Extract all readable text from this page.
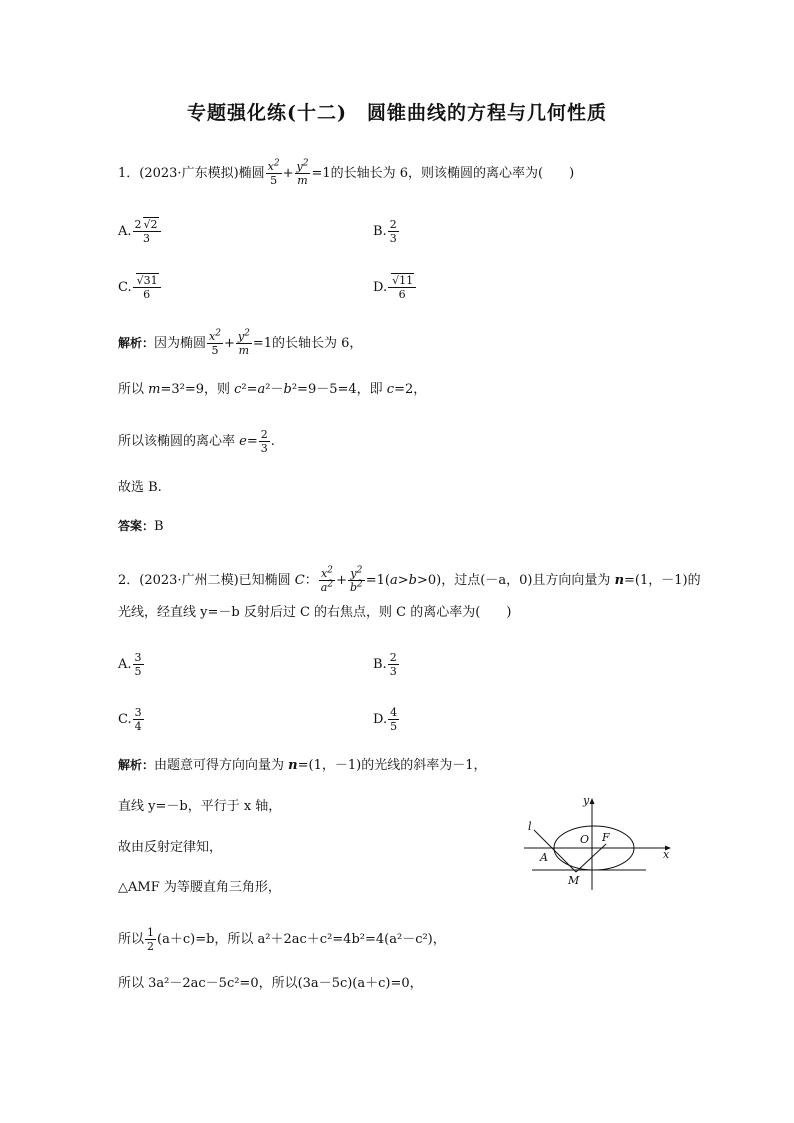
专题强化练(十二)　圆锥曲线的方程与几何性质
1．(2023·广东模拟)椭圆 $\frac{x^2}{5} + \frac{y^2}{m} =1$的长轴长为 6，则该椭圆的离心率为(　　)
A. $\frac{2 √2}{3}$	B. $\frac{2}{3}$
C. $\frac{√31}{6}$	D. $\frac{√11}{6}$
解析：因为椭圆 $\frac{x^2}{5} + \frac{y^2}{m} =1$的长轴长为 6，
所以 m=3²=9，则 c²=a²－b²=9－5=4，即 c=2，
所以该椭圆的离心率 $e= \frac{2}{3}$ .
故选 B.
答案：B
2．(2023·广州二模)已知椭圆 C： $\frac{x^2}{a^2} + \frac{y^2}{b^2} =1(a>b>0)$，过点(－a，0)且方向向量为 n=(1，－1)的
光线，经直线 y=－b 反射后过 C 的右焦点，则 C 的离心率为(　　)
A. $\frac{3}{5}$	B. $\frac{2}{3}$
C. $\frac{3}{4}$	D. $\frac{4}{5}$
解析：由题意可得方向向量为 n=(1，－1)的光线的斜率为－1，
直线 y=－b，平行于 x 轴，
故由反射定律知，
△AMF 为等腰直角三角形，
所以 $\frac{1}{2} (a+c)=b$，所以 a²＋2ac＋c²=4b²=4(a²－c²)，
所以 3a²－2ac－5c²=0，所以(3a－5c)(a＋c)=0，
y
x
l
O F
A
M
